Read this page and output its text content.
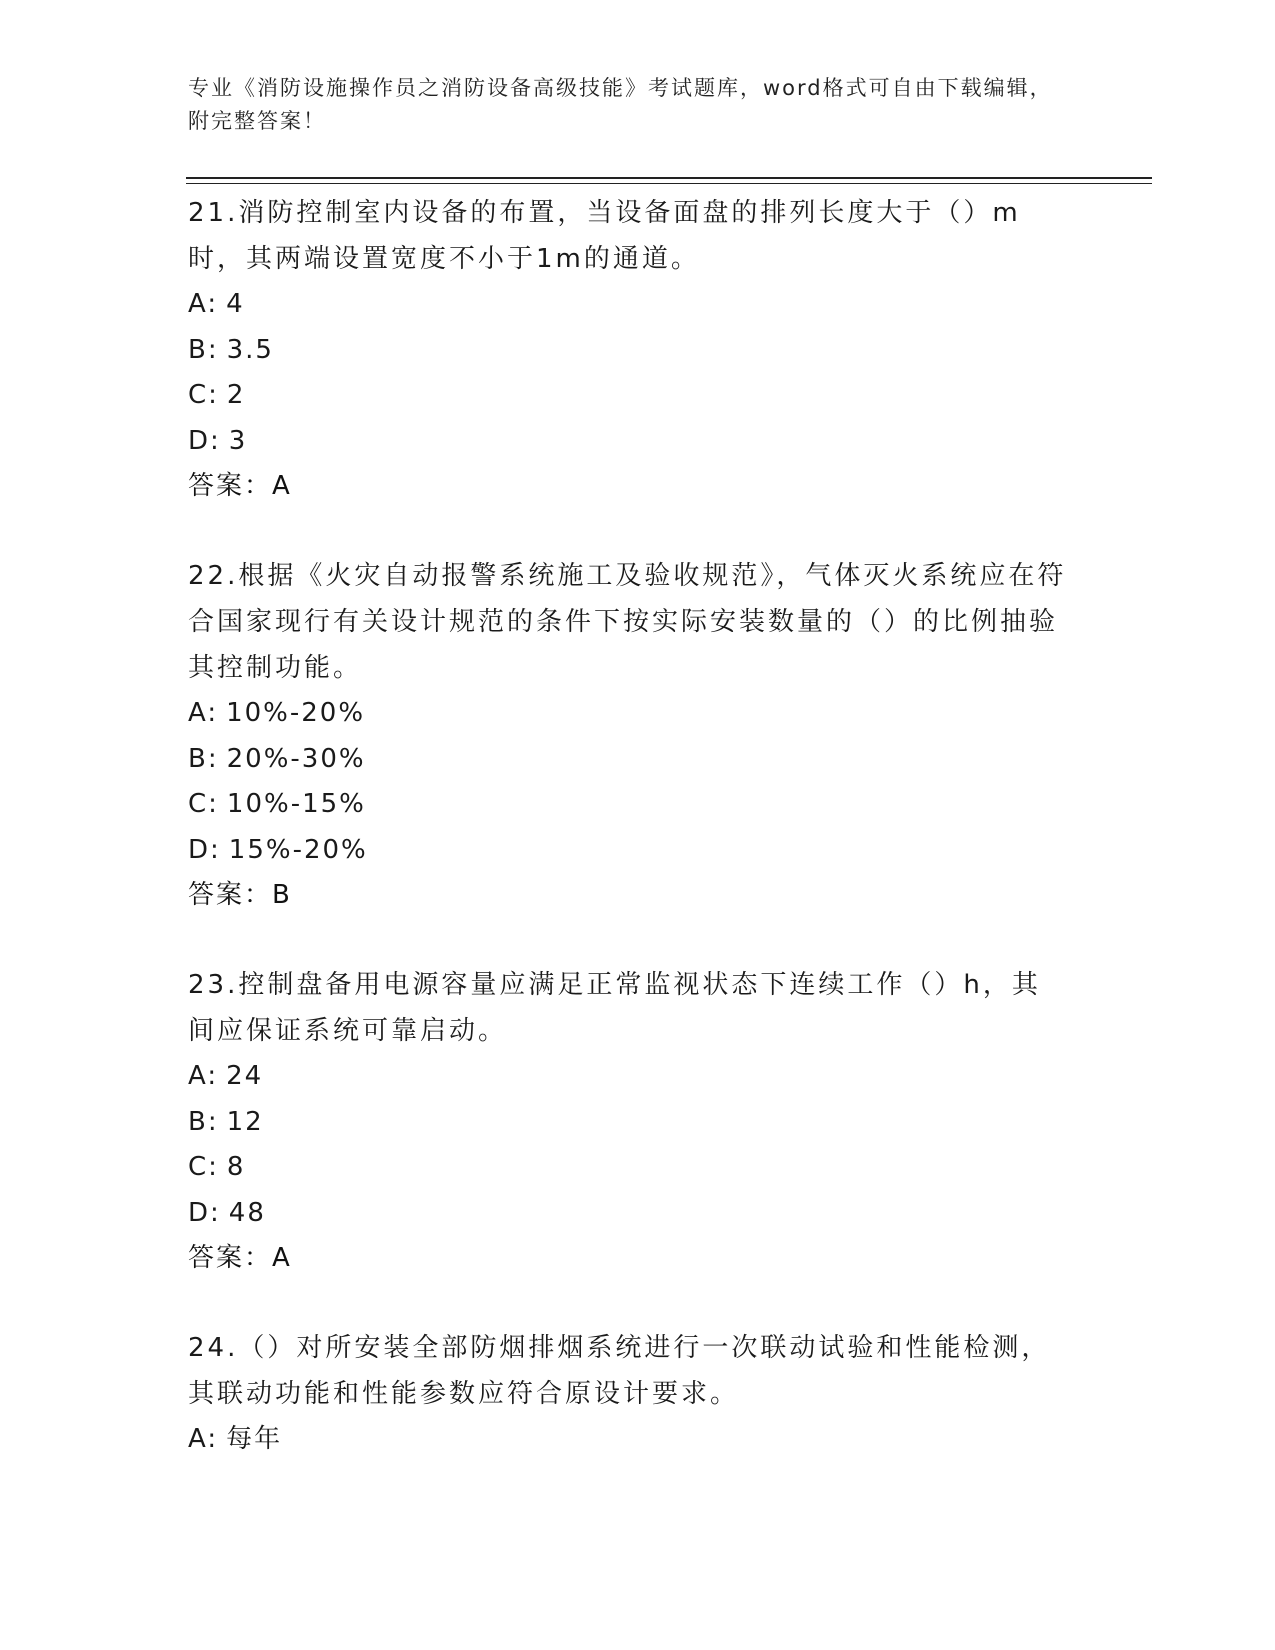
专业《消防设施操作员之消防设备高级技能》考试题库，word格式可自由下载编辑，附完整答案！
21.消防控制室内设备的布置，当设备面盘的排列长度大于（）m时，其两端设置宽度不小于1m的通道。
A: 4
B: 3.5
C: 2
D: 3
答案：A
22.根据《火灾自动报警系统施工及验收规范》，气体灭火系统应在符合国家现行有关设计规范的条件下按实际安装数量的（）的比例抽验其控制功能。
A: 10%-20%
B: 20%-30%
C: 10%-15%
D: 15%-20%
答案：B
23.控制盘备用电源容量应满足正常监视状态下连续工作（）h，其间应保证系统可靠启动。
A: 24
B: 12
C: 8
D: 48
答案：A
24.（）对所安装全部防烟排烟系统进行一次联动试验和性能检测，其联动功能和性能参数应符合原设计要求。
A: 每年
